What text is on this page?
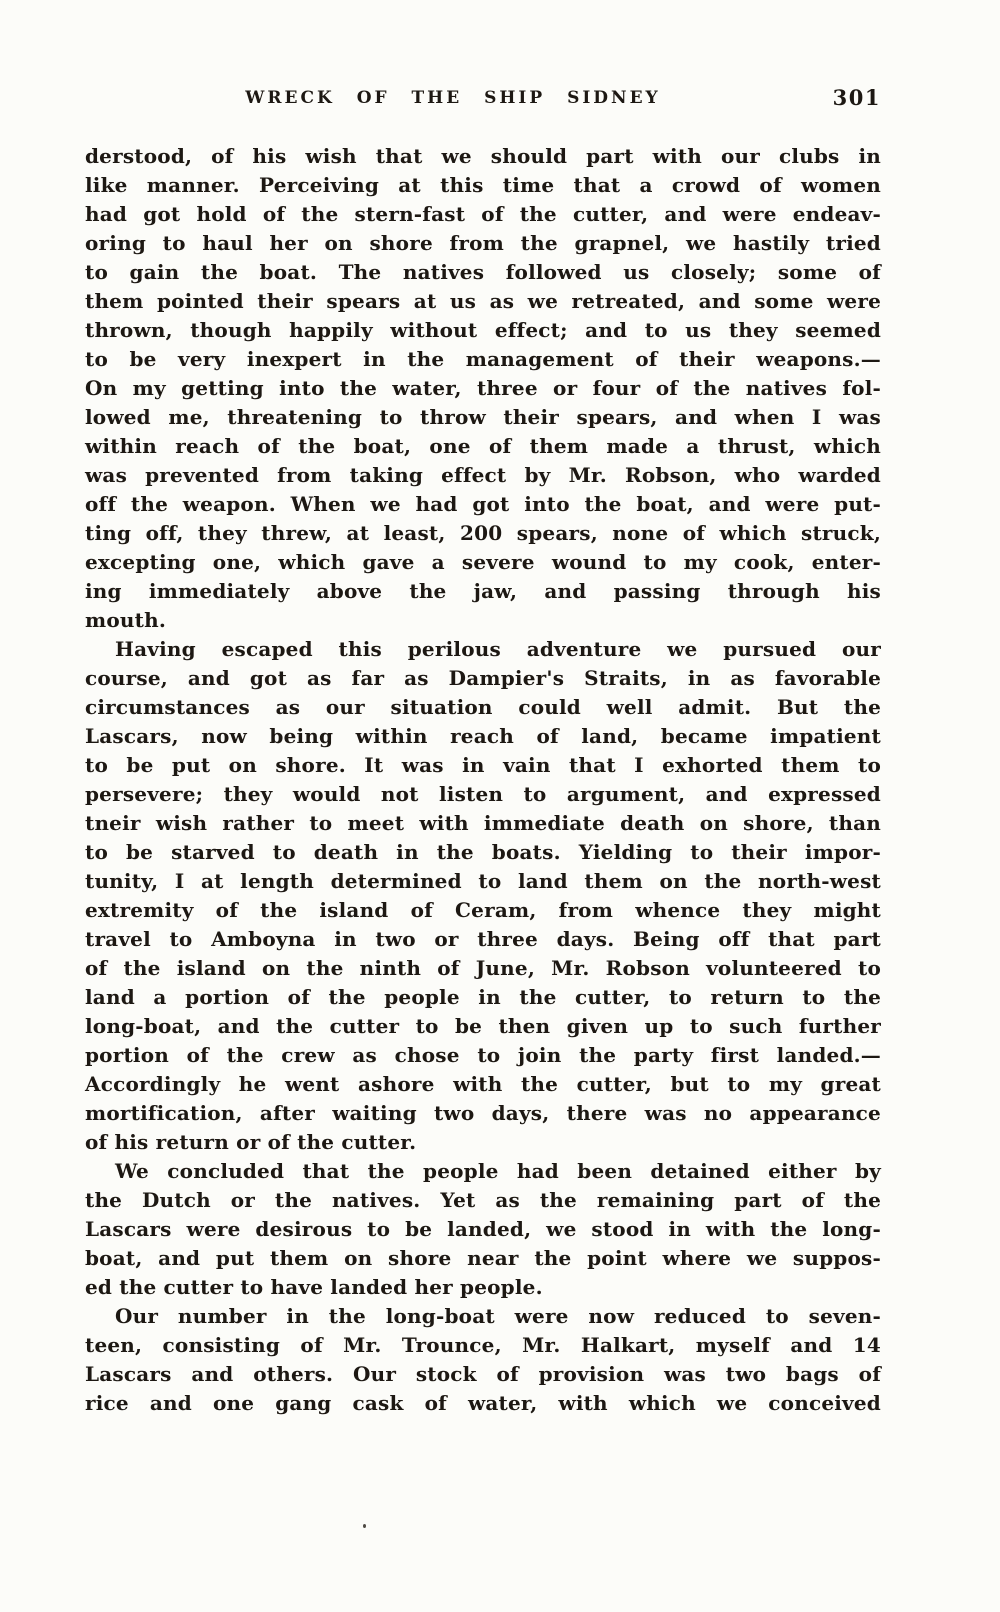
WRECK OF THE SHIP SIDNEY	301
derstood, of his wish that we should part with our clubs in
like manner. Perceiving at this time that a crowd of women
had got hold of the stern-fast of the cutter, and were endeav-
oring to haul her on shore from the grapnel, we hastily tried
to gain the boat. The natives followed us closely; some of
them pointed their spears at us as we retreated, and some were
thrown, though happily without effect; and to us they seemed
to be very inexpert in the management of their weapons.—
On my getting into the water, three or four of the natives fol-
lowed me, threatening to throw their spears, and when I was
within reach of the boat, one of them made a thrust, which
was prevented from taking effect by Mr. Robson, who warded
off the weapon. When we had got into the boat, and were put-
ting off, they threw, at least, 200 spears, none of which struck,
excepting one, which gave a severe wound to my cook, enter-
ing immediately above the jaw, and passing through his
mouth.
Having escaped this perilous adventure we pursued our
course, and got as far as Dampier's Straits, in as favorable
circumstances as our situation could well admit. But the
Lascars, now being within reach of land, became impatient
to be put on shore. It was in vain that I exhorted them to
persevere; they would not listen to argument, and expressed
tneir wish rather to meet with immediate death on shore, than
to be starved to death in the boats. Yielding to their impor-
tunity, I at length determined to land them on the north-west
extremity of the island of Ceram, from whence they might
travel to Amboyna in two or three days. Being off that part
of the island on the ninth of June, Mr. Robson volunteered to
land a portion of the people in the cutter, to return to the
long-boat, and the cutter to be then given up to such further
portion of the crew as chose to join the party first landed.—
Accordingly he went ashore with the cutter, but to my great
mortification, after waiting two days, there was no appearance
of his return or of the cutter.
We concluded that the people had been detained either by
the Dutch or the natives. Yet as the remaining part of the
Lascars were desirous to be landed, we stood in with the long-
boat, and put them on shore near the point where we suppos-
ed the cutter to have landed her people.
Our number in the long-boat were now reduced to seven-
teen, consisting of Mr. Trounce, Mr. Halkart, myself and 14
Lascars and others. Our stock of provision was two bags of
rice and one gang cask of water, with which we conceived
